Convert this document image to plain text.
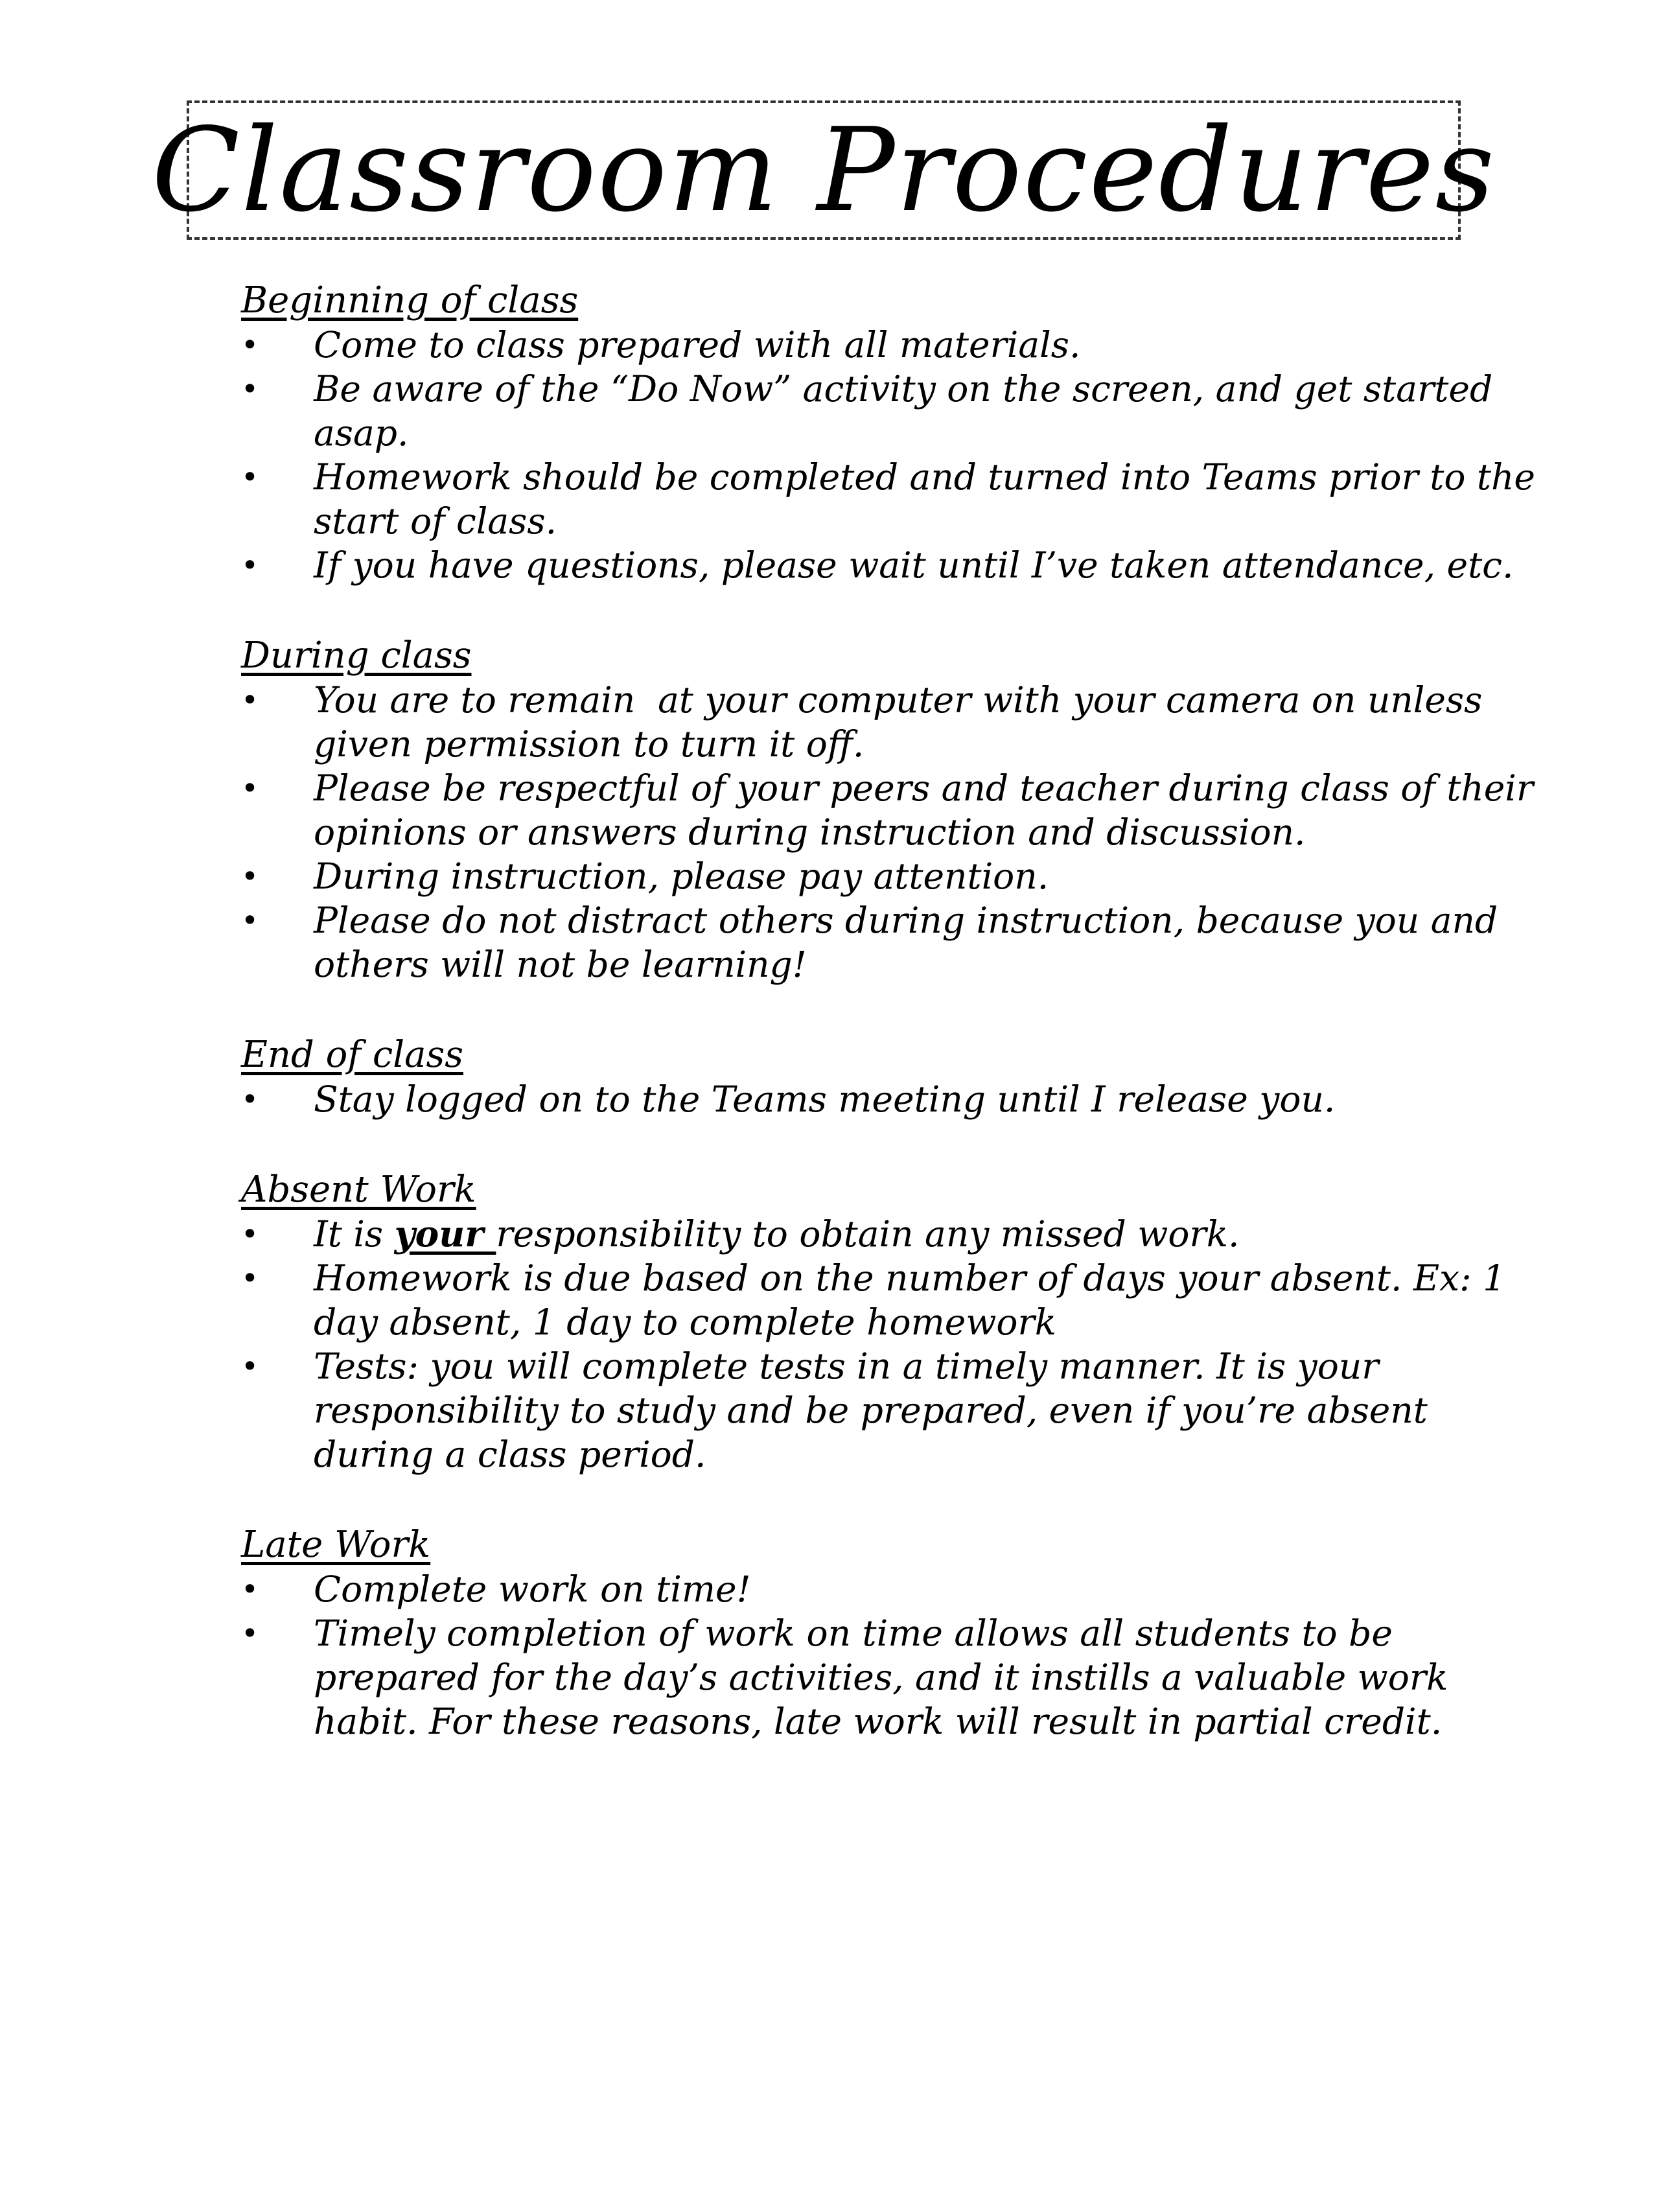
Classroom Procedures
Beginning of class
• Come to class prepared with all materials.
• Be aware of the “Do Now” activity on the screen, and get started asap.
• Homework should be completed and turned into Teams prior to the start of class.
• If you have questions, please wait until I’ve taken attendance, etc.
During class
• You are to remain  at your computer with your camera on unless given permission to turn it off.
• Please be respectful of your peers and teacher during class of their opinions or answers during instruction and discussion.
• During instruction, please pay attention.
• Please do not distract others during instruction, because you and others will not be learning!
End of class
• Stay logged on to the Teams meeting until I release you.
Absent Work
• It is your responsibility to obtain any missed work.
• Homework is due based on the number of days your absent. Ex: 1 day absent, 1 day to complete homework
• Tests: you will complete tests in a timely manner. It is your responsibility to study and be prepared, even if you’re absent during a class period.
Late Work
• Complete work on time!
• Timely completion of work on time allows all students to be prepared for the day’s activities, and it instills a valuable work habit. For these reasons, late work will result in partial credit.
